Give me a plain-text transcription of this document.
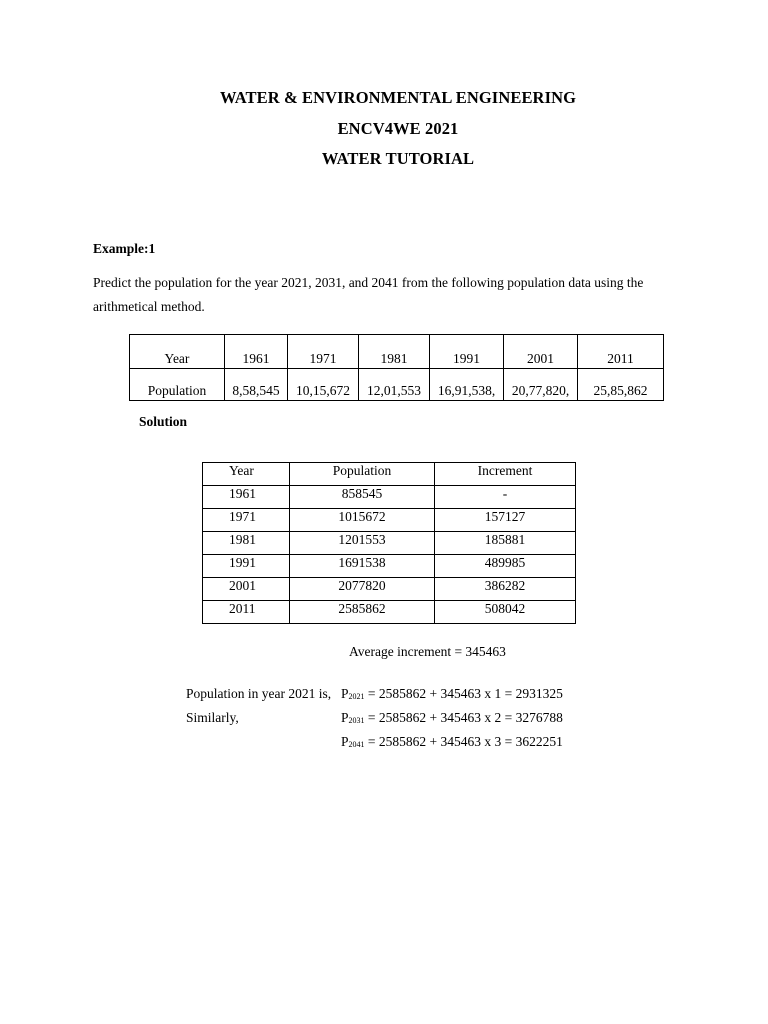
WATER & ENVIRONMENTAL ENGINEERING
ENCV4WE 2021
WATER TUTORIAL
Example:1
Predict the population for the year 2021, 2031, and 2041 from the following population data using the arithmetical method.
Year	1961	1971	1981	1991	2001	2011
Population	8,58,545	10,15,672	12,01,553	16,91,538,	20,77,820,	25,85,862
Solution
Year	Population	Increment
1961	858545	-
1971	1015672	157127
1981	1201553	185881
1991	1691538	489985
2001	2077820	386282
2011	2585862	508042
Average increment = 345463
Population in year 2021 is, $P_{2021} = 2585862 + 345463$ x 1 = 2931325
Similarly,	$P_{2031} = 2585862 + 345463$ x 2 = 3276788
$P_{2041} = 2585862 + 345463$ x 3 = 3622251
